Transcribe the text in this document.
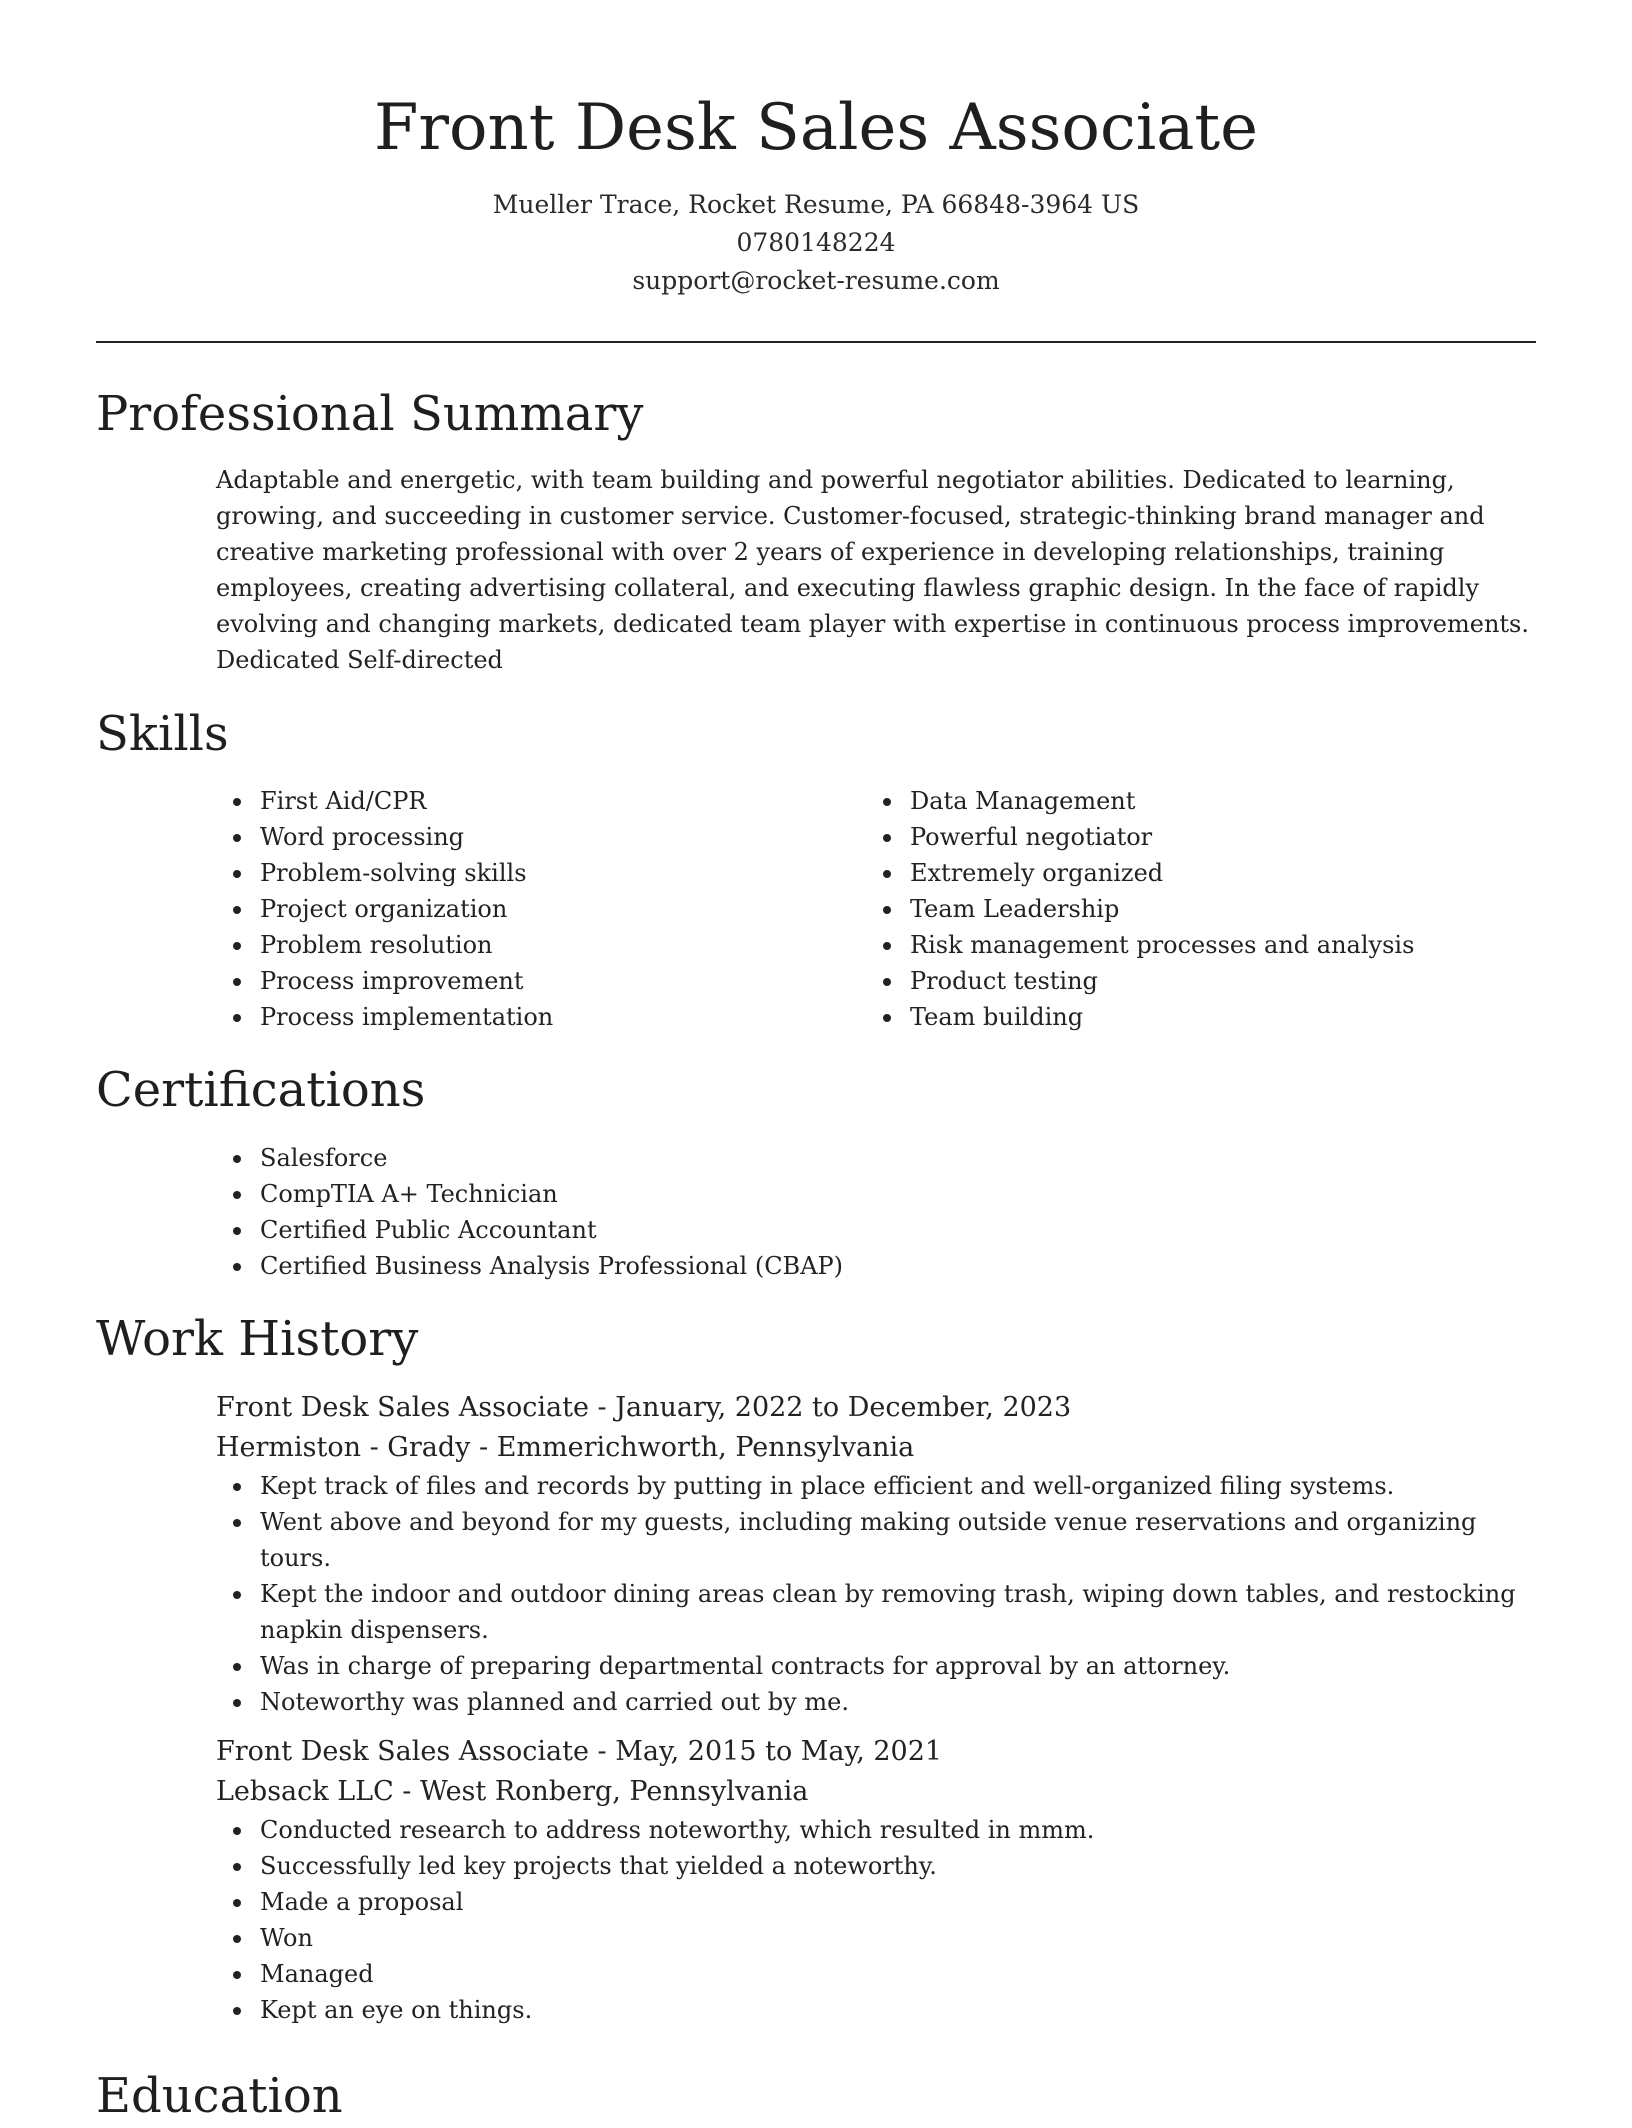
Front Desk Sales Associate
Mueller Trace, Rocket Resume, PA 66848-3964 US
0780148224
support@rocket-resume.com
Professional Summary

Adaptable and energetic, with team building and powerful negotiator abilities. Dedicated to learning, growing, and succeeding in customer service. Customer-focused, strategic-thinking brand manager and creative marketing professional with over 2 years of experience in developing relationships, training employees, creating advertising collateral, and executing flawless graphic design. In the face of rapidly evolving and changing markets, dedicated team player with expertise in continuous process improvements. Dedicated Self-directed

Skills
First Aid/CPR
Word processing
Problem-solving skills
Project organization
Problem resolution
Process improvement
Process implementation
Data Management
Powerful negotiator
Extremely organized
Team Leadership
Risk management processes and analysis
Product testing
Team building
Certifications
Salesforce
CompTIA A+ Technician
Certified Public Accountant
Certified Business Analysis Professional (CBAP)
Work History
Front Desk Sales Associate - January, 2022 to December, 2023
Hermiston - Grady - Emmerichworth, Pennsylvania
Kept track of files and records by putting in place efficient and well-organized filing systems.
Went above and beyond for my guests, including making outside venue reservations and organizing tours.
Kept the indoor and outdoor dining areas clean by removing trash, wiping down tables, and restocking napkin dispensers.
Was in charge of preparing departmental contracts for approval by an attorney.
Noteworthy was planned and carried out by me.
Front Desk Sales Associate - May, 2015 to May, 2021
Lebsack LLC - West Ronberg, Pennsylvania
Conducted research to address noteworthy, which resulted in mmm.
Successfully led key projects that yielded a noteworthy.
Made a proposal
Won
Managed
Kept an eye on things.
Education
